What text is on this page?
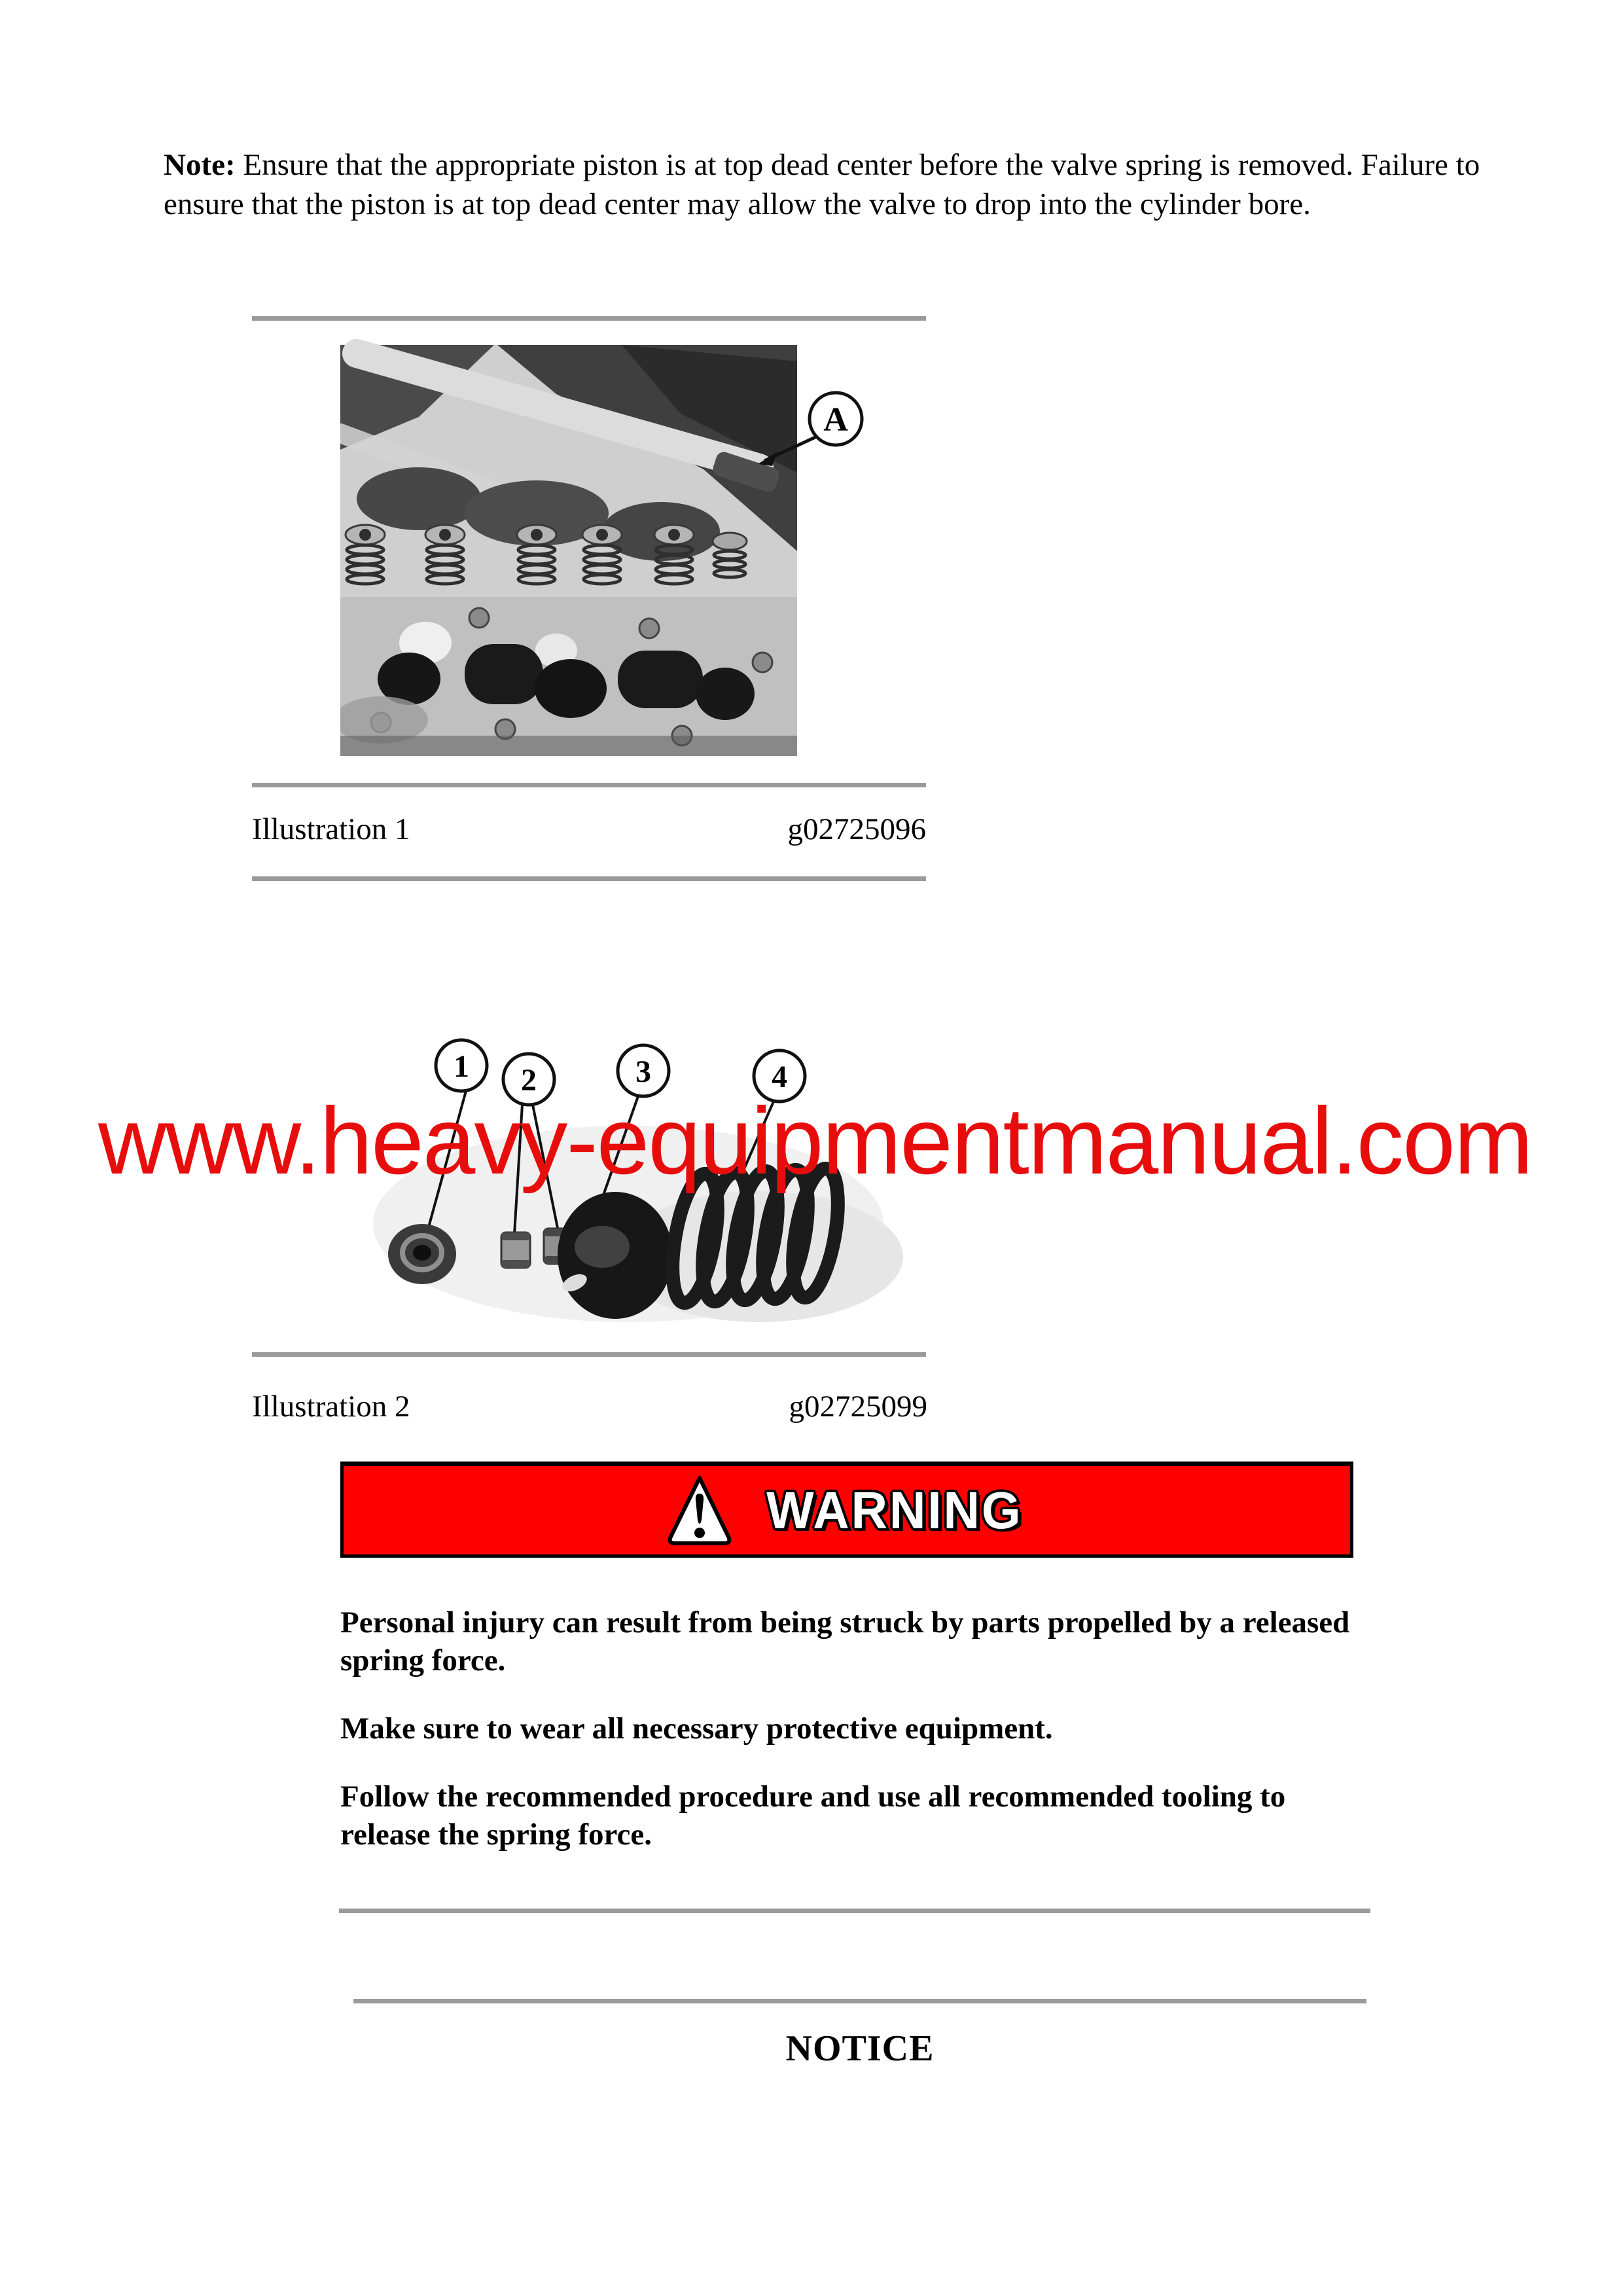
Note: Ensure that the appropriate piston is at top dead center before the valve spring is removed. Failure to ensure that the piston is at top dead center may allow the valve to drop into the cylinder bore.
A
Illustration 1	g02725096
1 2	3	4
www.heavy-equipmentmanual.com
Illustration 2	g02725099
WARNING

Personal injury can result from being struck by parts propelled by a released spring force.

Make sure to wear all necessary protective equipment.

Follow the recommended procedure and use all recommended tooling to release the spring force.

NOTICE
